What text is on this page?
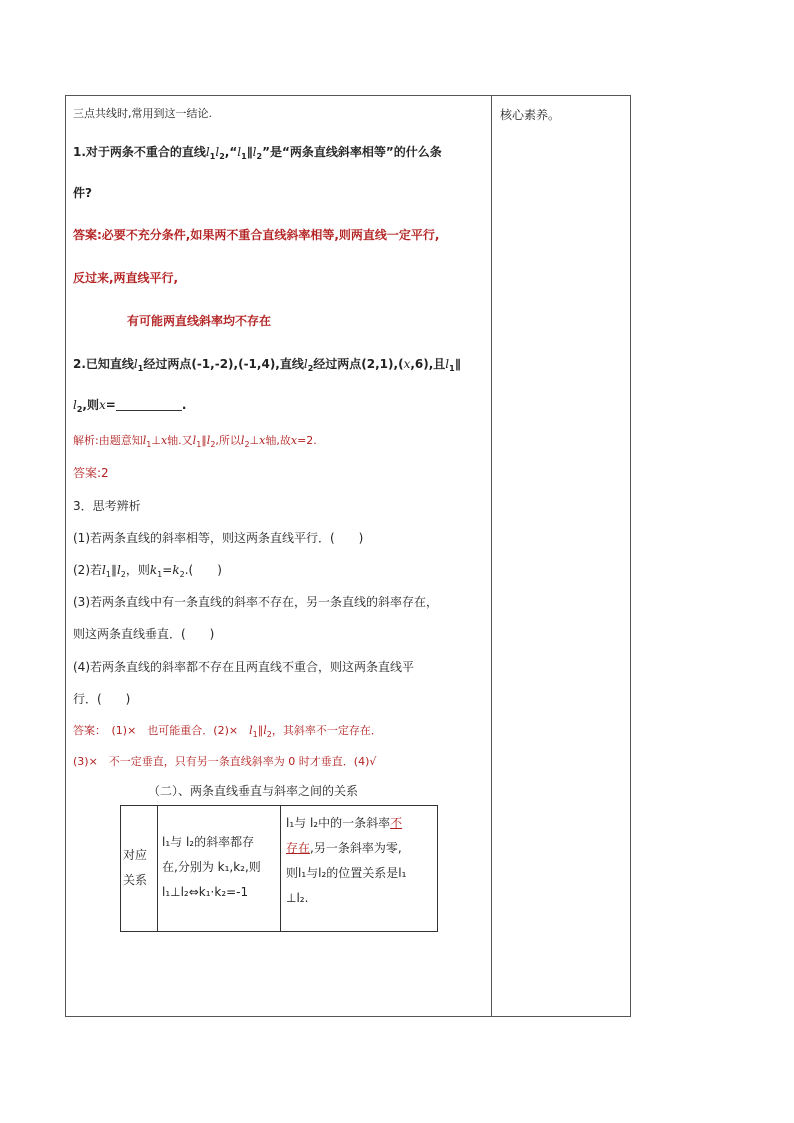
核心素养。
三点共线时,常用到这一结论.
1.对于两条不重合的直线$l_1l_2,“l_1\parallel l_2$”是“两条直线斜率相等”的什么条
件?
答案:必要不充分条件,如果两不重合直线斜率相等,则两直线一定平行,
反过来,两直线平行,
有可能两直线斜率均不存在
2.已知直线$l_1$经过两点(-1,-2),(-1,4),直线$l_2$经过两点(2,1),(x,6),且$l_1\parallel$
$l_2$,则x=	.
解析:由题意知$l_1\perp x$轴.又$l_1\parallel l_2$,所以$l_2\perp x$轴,故x=2.
答案:2
3．思考辨析
(1)若两条直线的斜率相等，则这两条直线平行．(　　)
(2)若$l_1\parallel l_2$，则$k_1=k_2$.(　　)
(3)若两条直线中有一条直线的斜率不存在，另一条直线的斜率存在，
则这两条直线垂直．(　　)
(4)若两条直线的斜率都不存在且两直线不重合，则这两条直线平
行．(　　)
答案：　(1)×　也可能重合．(2)×　$l_1\parallel l_2$，其斜率不一定存在．
(3)×　不一定垂直，只有另一条直线斜率为 0 时才垂直．(4)√
（二）、两条直线垂直与斜率之间的关系
对应
关系
l₁与 l₂的斜率都存
在,分别为 k₁,k₂,则
l₁⊥l₂⇔k₁·k₂=-1
l₁与 l₂中的一条斜率不
存在,另一条斜率为零,
则l₁与l₂的位置关系是l₁
⊥l₂.
